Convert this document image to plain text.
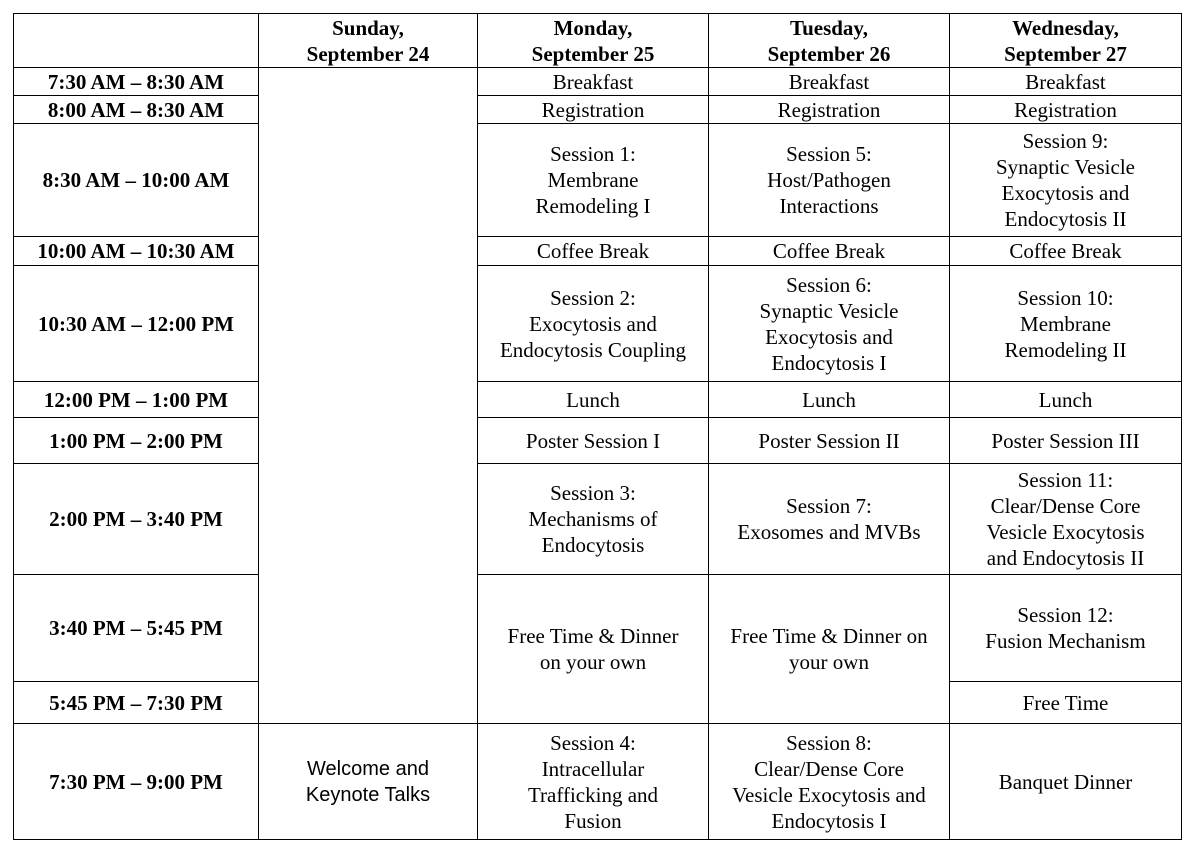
	Sunday,
September 24	Monday,
September 25	Tuesday,
September 26	Wednesday,
September 27

7:30 AM – 8:30 AM		Breakfast	Breakfast	Breakfast
8:00 AM – 8:30 AM		Registration	Registration	Registration
8:30 AM – 10:00 AM		Session 1:
Membrane
Remodeling I	Session 5:
Host/Pathogen
Interactions	Session 9:
Synaptic Vesicle
Exocytosis and
Endocytosis II

10:00 AM – 10:30 AM		Coffee Break	Coffee Break	Coffee Break
10:30 AM – 12:00 PM		Session 2:
Exocytosis and
Endocytosis Coupling	Session 6:
Synaptic Vesicle
Exocytosis and
Endocytosis I	Session 10:
Membrane
Remodeling II

12:00 PM – 1:00 PM		Lunch	Lunch	Lunch
1:00 PM – 2:00 PM		Poster Session I	Poster Session II	Poster Session III
2:00 PM – 3:40 PM		Session 3:
Mechanisms of
Endocytosis	Session 7:
Exosomes and MVBs	Session 11:
Clear/Dense Core
Vesicle Exocytosis
and Endocytosis II

3:40 PM – 5:45 PM		Free Time & Dinner
on your own	Free Time & Dinner on
your own	Session 12:
Fusion Mechanism

5:45 PM – 7:30 PM				Free Time
7:30 PM – 9:00 PM	Welcome and
Keynote Talks	Session 4:
Intracellular
Trafficking and
Fusion	Session 8:
Clear/Dense Core
Vesicle Exocytosis and
Endocytosis I	Banquet Dinner
